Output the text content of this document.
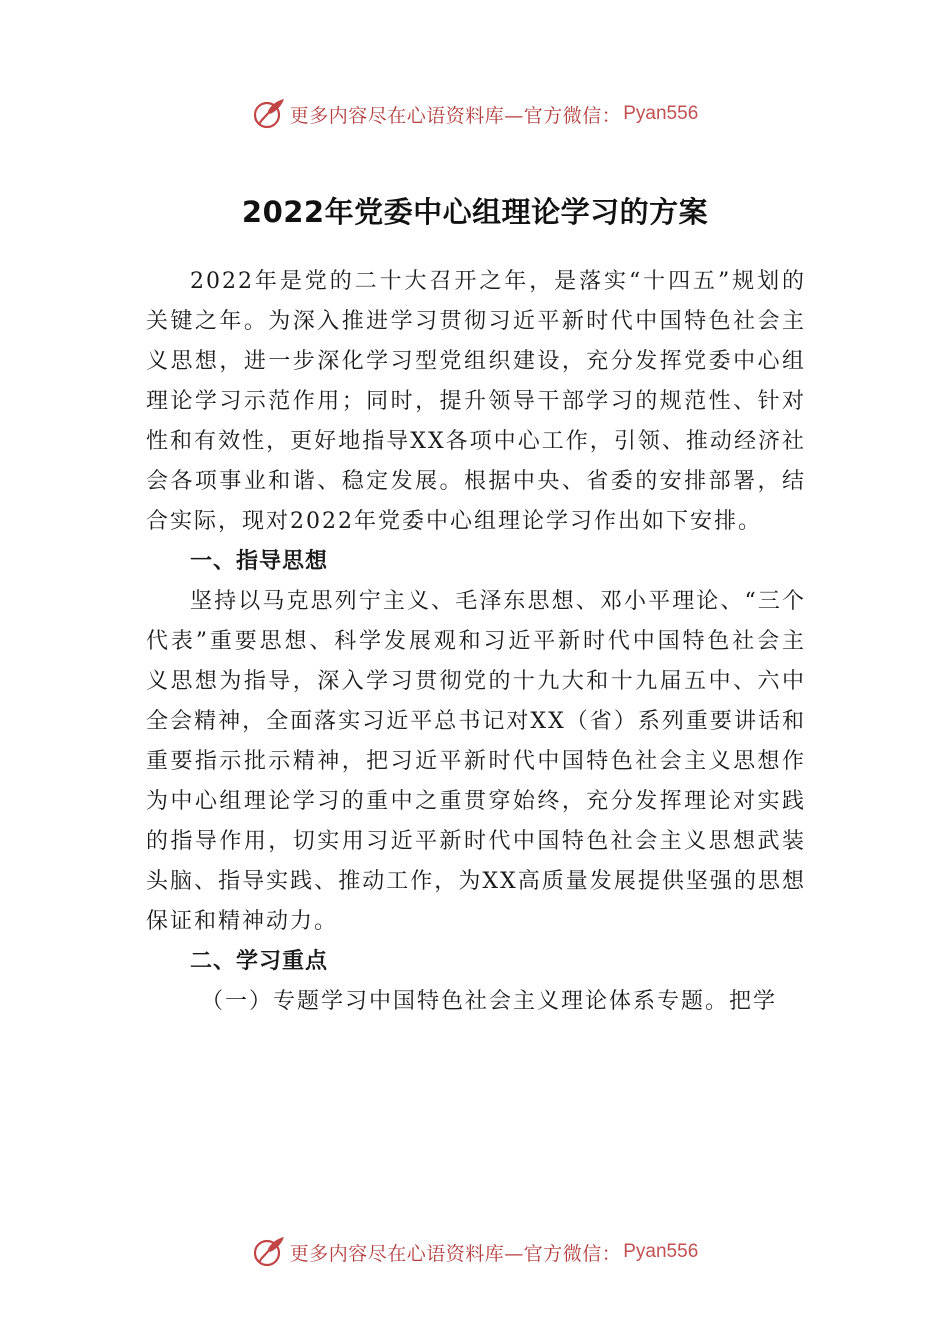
更多内容尽在心语资料库—官方微信： Pyan556
2022年党委中心组理论学习的方案

2022年是党的二十大召开之年，是落实“十四五”规划的关键之年。为深入推进学习贯彻习近平新时代中国特色社会主义思想，进一步深化学习型党组织建设，充分发挥党委中心组理论学习示范作用；同时，提升领导干部学习的规范性、针对性和有效性，更好地指导XX各项中心工作，引领、推动经济社会各项事业和谐、稳定发展。根据中央、省委的安排部署，结合实际，现对2022年党委中心组理论学习作出如下安排。

一、指导思想

坚持以马克思列宁主义、毛泽东思想、邓小平理论、“三个代表”重要思想、科学发展观和习近平新时代中国特色社会主义思想为指导，深入学习贯彻党的十九大和十九届五中、六中全会精神，全面落实习近平总书记对XX（省）系列重要讲话和重要指示批示精神，把习近平新时代中国特色社会主义思想作为中心组理论学习的重中之重贯穿始终，充分发挥理论对实践的指导作用，切实用习近平新时代中国特色社会主义思想武装头脑、指导实践、推动工作，为XX高质量发展提供坚强的思想保证和精神动力。

二、学习重点

（一）专题学习中国特色社会主义理论体系专题。把学

更多内容尽在心语资料库—官方微信： Pyan556
